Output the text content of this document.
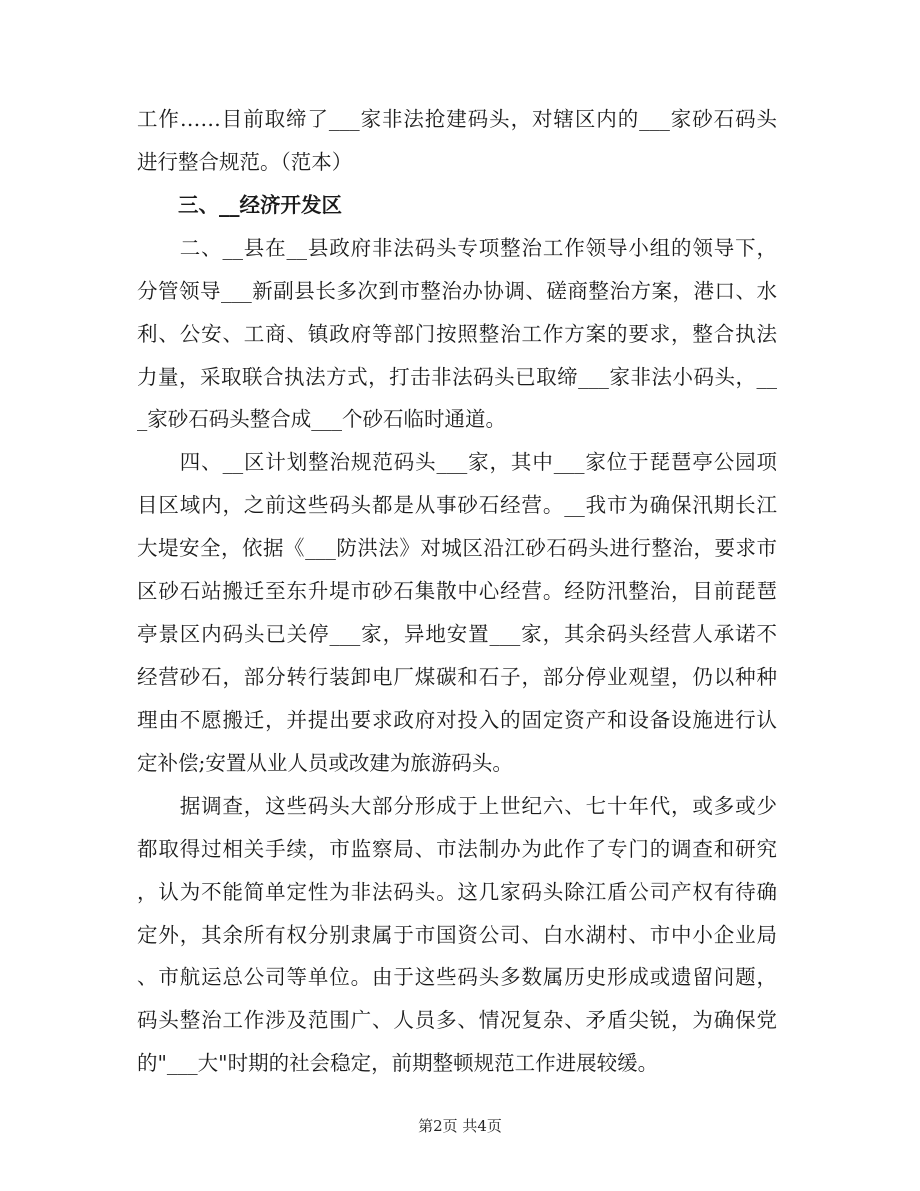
工作……目前取缔了___家非法抢建码头，对辖区内的___家砂石码头
进行整合规范。（范本）
　　三、__经济开发区
　　二、__县在__县政府非法码头专项整治工作领导小组的领导下，
分管领导___新副县长多次到市整治办协调、磋商整治方案，港口、水
利、公安、工商、镇政府等部门按照整治工作方案的要求，整合执法
力量，采取联合执法方式，打击非法码头已取缔___家非法小码头，__
_家砂石码头整合成___个砂石临时通道。
　　四、__区计划整治规范码头___家，其中___家位于琵琶亭公园项
目区域内，之前这些码头都是从事砂石经营。__我市为确保汛期长江
大堤安全，依据《___防洪法》对城区沿江砂石码头进行整治，要求市
区砂石站搬迁至东升堤市砂石集散中心经营。经防汛整治，目前琵琶
亭景区内码头已关停___家，异地安置___家，其余码头经营人承诺不
经营砂石，部分转行装卸电厂煤碳和石子，部分停业观望，仍以种种
理由不愿搬迁，并提出要求政府对投入的固定资产和设备设施进行认
定补偿;安置从业人员或改建为旅游码头。
　　据调查，这些码头大部分形成于上世纪六、七十年代，或多或少
都取得过相关手续，市监察局、市法制办为此作了专门的调查和研究
，认为不能简单定性为非法码头。这几家码头除江盾公司产权有待确
定外，其余所有权分别隶属于市国资公司、白水湖村、市中小企业局
、市航运总公司等单位。由于这些码头多数属历史形成或遗留问题，
码头整治工作涉及范围广、人员多、情况复杂、矛盾尖锐，为确保党
的"___大"时期的社会稳定，前期整顿规范工作进展较缓。
第2页 共4页
